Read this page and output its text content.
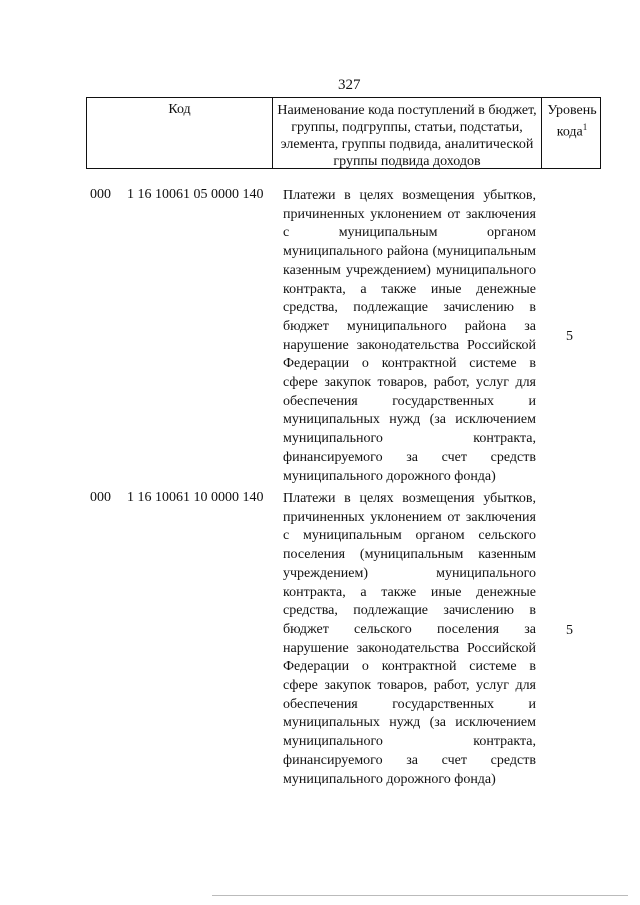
327
Код	Наименование кода поступлений в бюджет, группы, подгруппы, статьи, подстатьи, элемента, группы подвида, аналитической группы подвида доходов
Уровень кода$^1$
000 1 16 10061 05 0000 140 Платежи в целях возмещения убытков, причиненных уклонением от заключения с муниципальным органом муниципального района (муниципальным казенным учреждением) муниципального контракта, а также иные денежные средства, подлежащие зачислению в бюджет муниципального района за нарушение законодательства Российской Федерации о контрактной системе в сфере закупок товаров, работ, услуг для обеспечения государственных и муниципальных нужд (за исключением муниципального контракта, финансируемого за счет средств муниципального дорожного фонда)
5
000 1 16 10061 10 0000 140 Платежи в целях возмещения убытков, причиненных уклонением от заключения с муниципальным органом сельского поселения (муниципальным казенным учреждением) муниципального контракта, а также иные денежные средства, подлежащие зачислению в бюджет сельского поселения за нарушение законодательства Российской Федерации о контрактной системе в сфере закупок товаров, работ, услуг для обеспечения государственных и муниципальных нужд (за исключением муниципального контракта, финансируемого за счет средств муниципального дорожного фонда)
5
